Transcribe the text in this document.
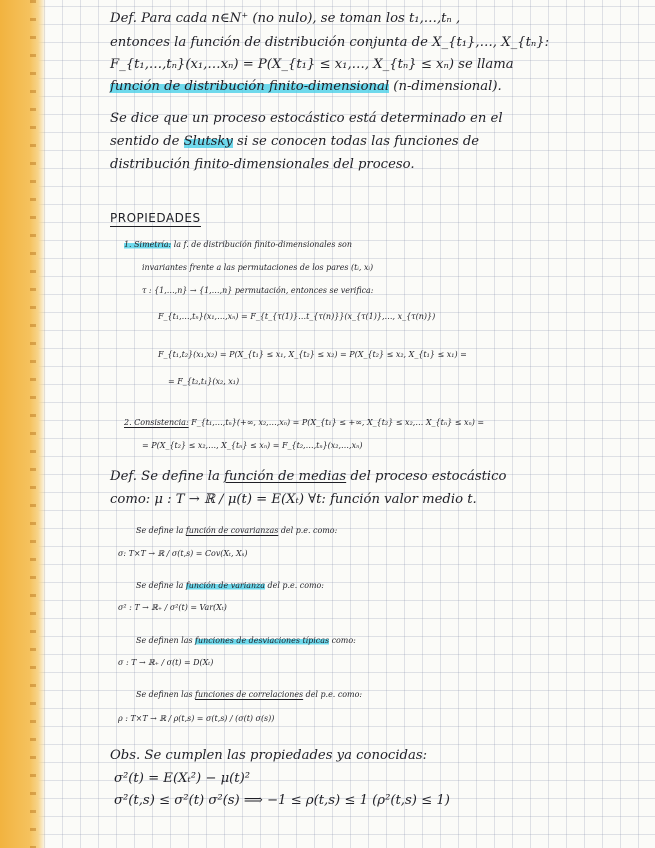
Def. Para cada n∈N⁺ (no nulo), se toman los t₁,…,tₙ ,
entonces la función de distribución conjunta de X_{t₁},…, X_{tₙ}:
F_{t₁,…,tₙ}(x₁,…xₙ) = P(X_{t₁} ≤ x₁,…, X_{tₙ} ≤ xₙ) se llama
función de distribución finito-dimensional (n-dimensional).
Se dice que un proceso estocástico está determinado en el
sentido de Slutsky si se conocen todas las funciones de
distribución finito-dimensionales del proceso.
PROPIEDADES
1. Simetría: la f. de distribución finito-dimensionales son
invariantes frente a las permutaciones de los pares (tᵢ, xᵢ)
τ : {1,…,n} → {1,…,n} permutación, entonces se verifica:
F_{t₁,…,tₙ}(x₁,…,xₙ) = F_{t_{τ(1)}…t_{τ(n)}}(x_{τ(1)},…, x_{τ(n)})
F_{t₁,t₂}(x₁,x₂) = P(X_{t₁} ≤ x₁, X_{t₂} ≤ x₂) = P(X_{t₂} ≤ x₂, X_{t₁} ≤ x₁) =
= F_{t₂,t₁}(x₂, x₁)
2. Consistencia: F_{t₁,…,tₙ}(+∞, x₂,…,xₙ) = P(X_{t₁} ≤ +∞, X_{t₂} ≤ x₂,… X_{tₙ} ≤ xₙ) =
= P(X_{t₂} ≤ x₂,…, X_{tₙ} ≤ xₙ) = F_{t₂,…,tₙ}(x₂,…,xₙ)
Def. Se define la función de medias del proceso estocástico
como: μ : T → ℝ / μ(t) = E(Xₜ) ∀t: función valor medio t.
Se define la función de covarianzas del p.e. como:
σ: T×T → ℝ / σ(t,s) = Cov(Xₜ, Xₛ)
Se define la función de varianza del p.e. como:
σ² : T → ℝ₊ / σ²(t) = Var(Xₜ)
Se definen las funciones de desviaciones típicas como:
σ : T → ℝ₊ / σ(t) = D(Xₜ)
Se definen las funciones de correlaciones del p.e. como:
ρ : T×T → ℝ / ρ(t,s) = σ(t,s) / (σ(t) σ(s))
Obs. Se cumplen las propiedades ya conocidas:
σ²(t) = E(Xₜ²) − μ(t)²
σ²(t,s) ≤ σ²(t) σ²(s) ⟹ −1 ≤ ρ(t,s) ≤ 1 (ρ²(t,s) ≤ 1)
